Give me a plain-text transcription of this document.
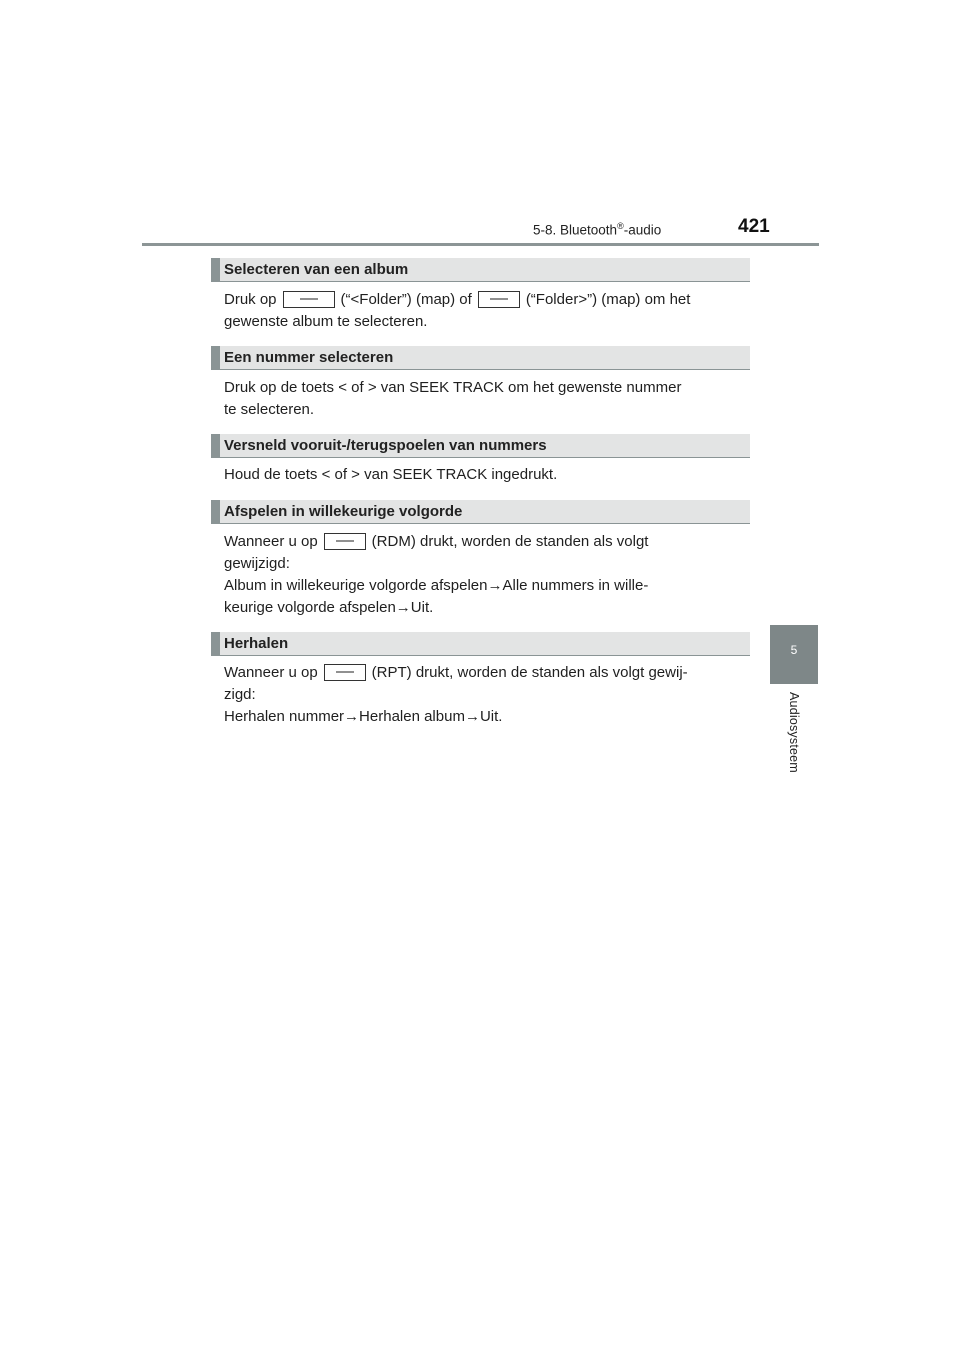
5-8. Bluetooth®-audio	421
5
Audiosysteem
Selecteren van een album
Druk op	(“<Folder”) (map) of	(“Folder>”) (map) om het
gewenste album te selecteren.
Een nummer selecteren
Druk op de toets < of > van SEEK TRACK om het gewenste nummer
te selecteren.
Versneld vooruit-/terugspoelen van nummers
Houd de toets < of > van SEEK TRACK ingedrukt.
Afspelen in willekeurige volgorde
Wanneer u op	(RDM) drukt, worden de standen als volgt
gewijzigd:
Album in willekeurige volgorde afspelen→Alle nummers in wille-
keurige volgorde afspelen→Uit.
Herhalen
Wanneer u op	(RPT) drukt, worden de standen als volgt gewij-
zigd:
Herhalen nummer→Herhalen album→Uit.
